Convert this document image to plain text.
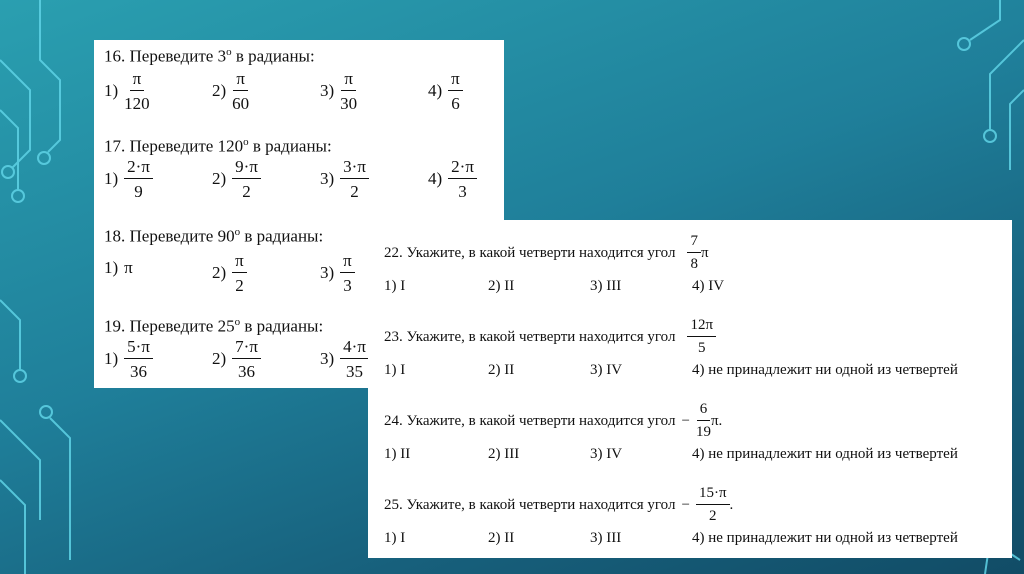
16. Переведите $3^о$ в радианы:
$1) \frac{\pi}{120}$	$2) \frac{\pi}{60}$	$3) \frac{\pi}{30}$	$4) \frac{\pi}{6}$
17. Переведите $120^о$ в радианы:
$1) \frac{2\cdot\pi}{9}$	$2) \frac{9\cdot\pi}{2}$	$3) \frac{3\cdot\pi}{2}$	$4) \frac{2\cdot\pi}{3}$
18. Переведите $90^о$ в радианы:
1) π	$2) \frac{\pi}{2}$	$3) \frac{\pi}{3}$
19. Переведите $25^о$ в радианы:
$1) \frac{5\cdot\pi}{36}$	$2) \frac{7\cdot\pi}{36}$	$3) \frac{4\cdot\pi}{35}$
22. Укажите, в какой четверти находится угол $\frac{7}{8}$ π
1) I	2) II	3) III	4) IV
23. Укажите, в какой четверти находится угол $\frac{12\pi}{5}$
1) I	2) II	3) IV	4) не принадлежит ни одной из четвертей
24. Укажите, в какой четверти находится угол − $\frac{6}{19} \pi$.
1) II	2) III	3) IV	4) не принадлежит ни одной из четвертей
25. Укажите, в какой четверти находится угол − $\frac{15\cdot\pi}{2}$ .
1) I	2) II	3) III	4) не принадлежит ни одной из четвертей
